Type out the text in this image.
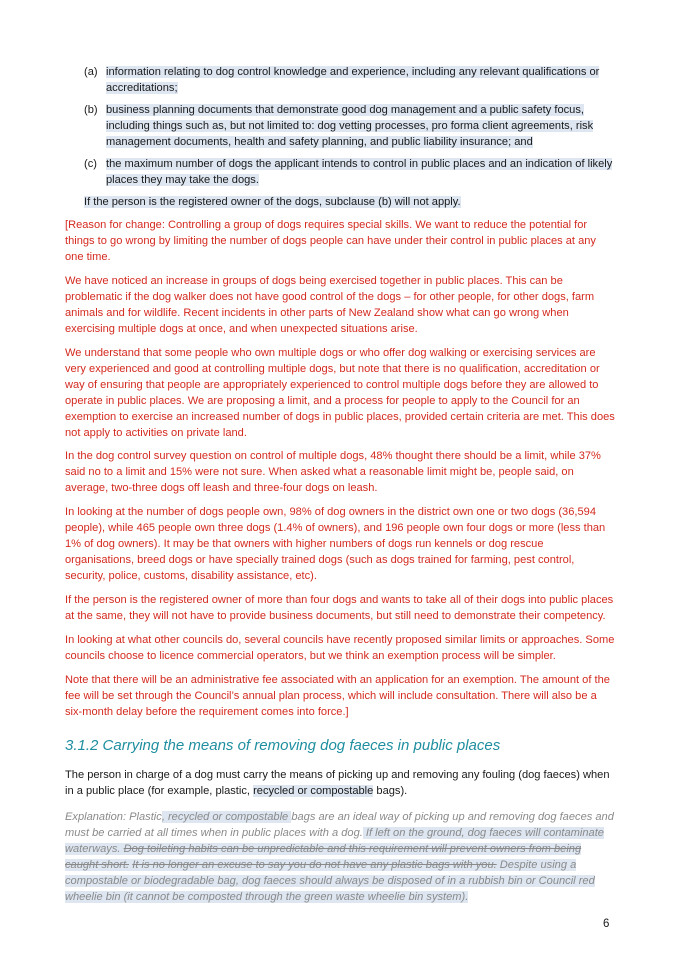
(a) information relating to dog control knowledge and experience, including any relevant qualifications or accreditations;
(b) business planning documents that demonstrate good dog management and a public safety focus, including things such as, but not limited to: dog vetting processes, pro forma client agreements, risk management documents, health and safety planning, and public liability insurance; and
(c) the maximum number of dogs the applicant intends to control in public places and an indication of likely places they may take the dogs.
If the person is the registered owner of the dogs, subclause (b) will not apply.

[Reason for change: Controlling a group of dogs requires special skills. We want to reduce the potential for things to go wrong by limiting the number of dogs people can have under their control in public places at any one time.

We have noticed an increase in groups of dogs being exercised together in public places. This can be problematic if the dog walker does not have good control of the dogs – for other people, for other dogs, farm animals and for wildlife. Recent incidents in other parts of New Zealand show what can go wrong when exercising multiple dogs at once, and when unexpected situations arise.

We understand that some people who own multiple dogs or who offer dog walking or exercising services are very experienced and good at controlling multiple dogs, but note that there is no qualification, accreditation or way of ensuring that people are appropriately experienced to control multiple dogs before they are allowed to operate in public places. We are proposing a limit, and a process for people to apply to the Council for an exemption to exercise an increased number of dogs in public places, provided certain criteria are met. This does not apply to activities on private land.

In the dog control survey question on control of multiple dogs, 48% thought there should be a limit, while 37% said no to a limit and 15% were not sure. When asked what a reasonable limit might be, people said, on average, two-three dogs off leash and three-four dogs on leash.

In looking at the number of dogs people own, 98% of dog owners in the district own one or two dogs (36,594 people), while 465 people own three dogs (1.4% of owners), and 196 people own four dogs or more (less than 1% of dog owners). It may be that owners with higher numbers of dogs run kennels or dog rescue organisations, breed dogs or have specially trained dogs (such as dogs trained for farming, pest control, security, police, customs, disability assistance, etc).

If the person is the registered owner of more than four dogs and wants to take all of their dogs into public places at the same, they will not have to provide business documents, but still need to demonstrate their competency.

In looking at what other councils do, several councils have recently proposed similar limits or approaches. Some councils choose to licence commercial operators, but we think an exemption process will be simpler.

Note that there will be an administrative fee associated with an application for an exemption. The amount of the fee will be set through the Council’s annual plan process, which will include consultation. There will also be a six-month delay before the requirement comes into force.]

3.1.2 Carrying the means of removing dog faeces in public places

The person in charge of a dog must carry the means of picking up and removing any fouling (dog faeces) when in a public place (for example, plastic, recycled or compostable bags).

Explanation: Plastic, recycled or compostable bags are an ideal way of picking up and removing dog faeces and must be carried at all times when in public places with a dog. If left on the ground, dog faeces will contaminate waterways. Dog toileting habits can be unpredictable and this requirement will prevent owners from being caught short. It is no longer an excuse to say you do not have any plastic bags with you. Despite using a compostable or biodegradable bag, dog faeces should always be disposed of in a rubbish bin or Council red wheelie bin (it cannot be composted through the green waste wheelie bin system).

6
